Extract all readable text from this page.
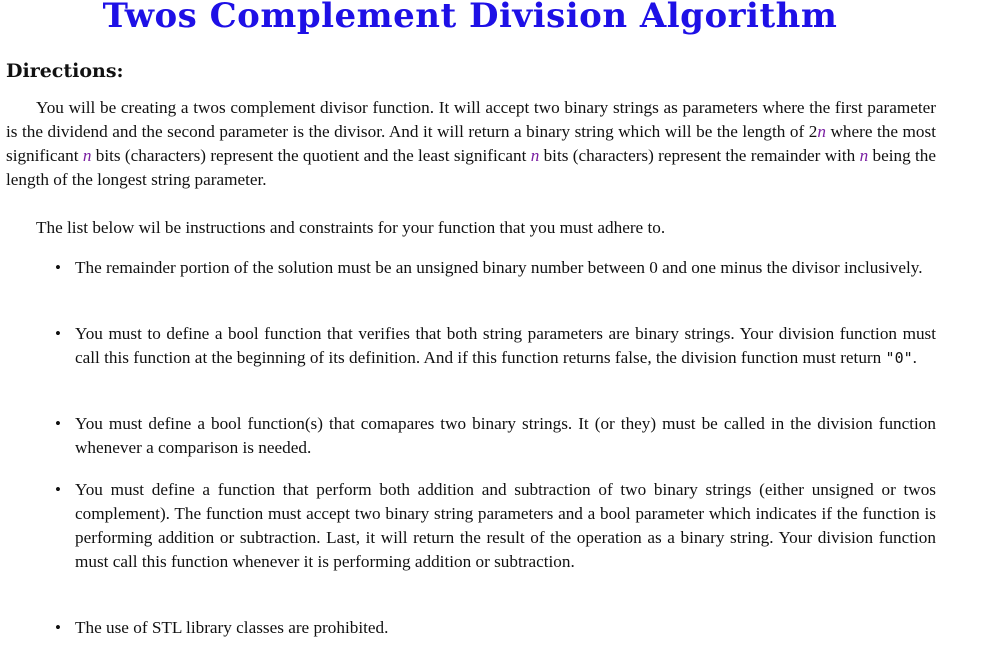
Twos Complement Division Algorithm
Directions:

You will be creating a twos complement divisor function. It will accept two binary strings as parameters where the first parameter is the dividend and the second parameter is the divisor. And it will return a binary string which will be the length of 2n where the most significant n bits (characters) represent the quotient and the least significant n bits (characters) represent the remainder with n being the length of the longest string parameter.

The list below wil be instructions and constraints for your function that you must adhere to.

• The remainder portion of the solution must be an unsigned binary number between 0 and one minus the divisor inclusively.
• You must to define a bool function that verifies that both string parameters are binary strings. Your division function must call this function at the beginning of its definition. And if this function returns false, the division function must return "0".
• You must define a bool function(s) that comapares two binary strings. It (or they) must be called in the division function whenever a comparison is needed.
• You must define a function that perform both addition and subtraction of two binary strings (either unsigned or twos complement). The function must accept two binary string parameters and a bool parameter which indicates if the function is performing addition or subtraction. Last, it will return the result of the operation as a binary string. Your division function must call this function whenever it is performing addition or subtraction.
• The use of STL library classes are prohibited.
